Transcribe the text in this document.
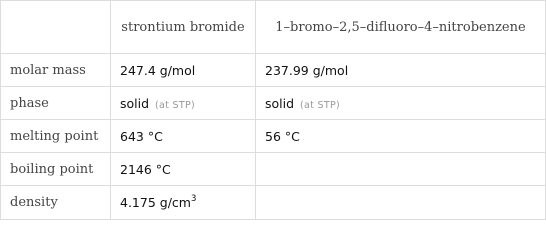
	strontium bromide	1–bromo–2,5–difluoro–4–nitrobenzene
molar mass	247.4 g/mol	237.99 g/mol
phase	solid (at STP)	solid (at STP)
melting point	643 °C	56 °C
boiling point	2146 °C	
density	4.175 $g/cm^3$	
